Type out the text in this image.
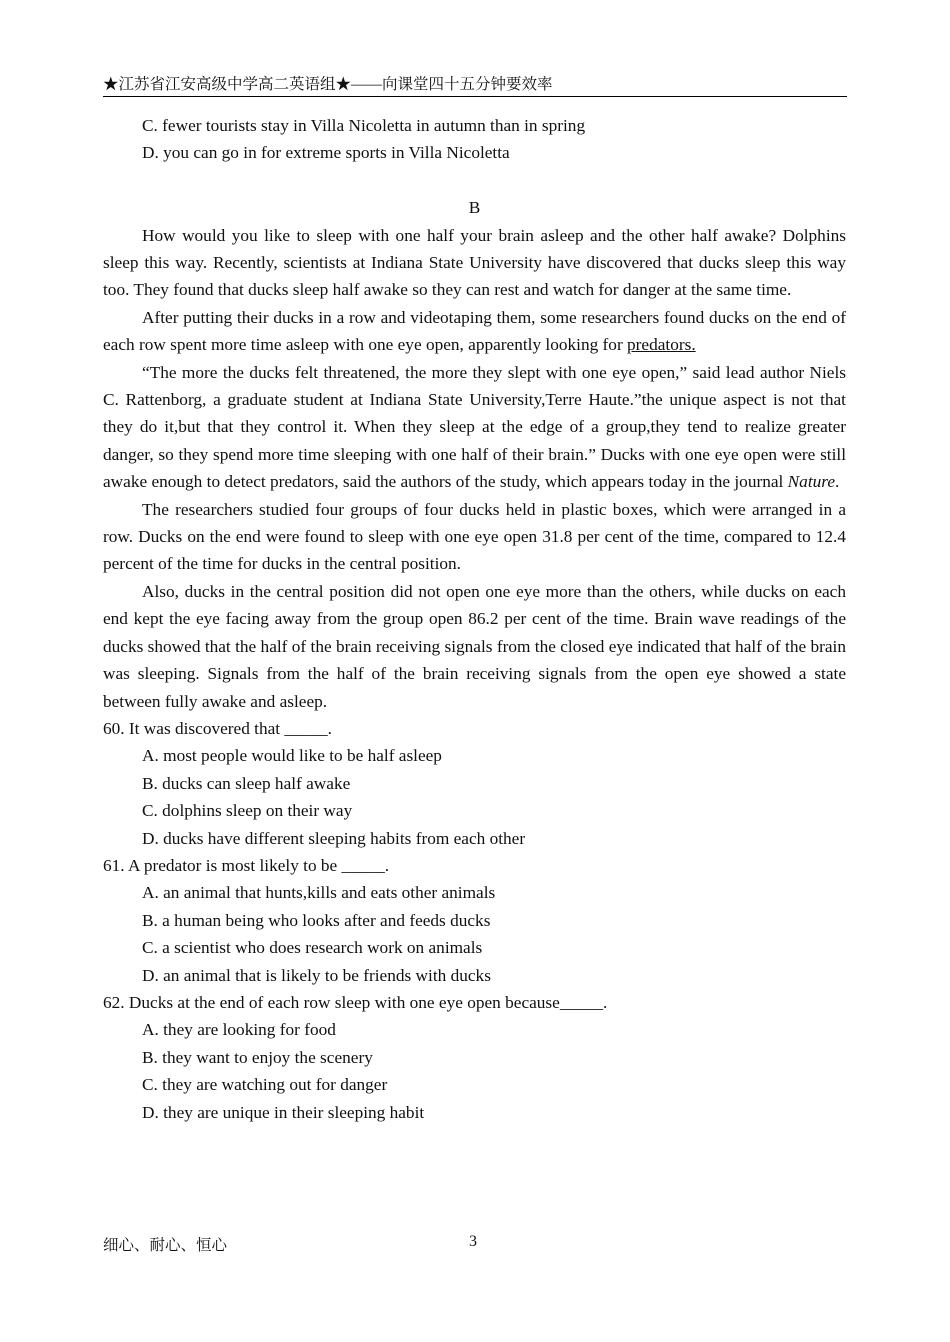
★江苏省江安高级中学高二英语组★——向课堂四十五分钟要效率
C. fewer tourists stay in Villa Nicoletta in autumn than in spring
D. you can go in for extreme sports in Villa Nicoletta
B

How would you like to sleep with one half your brain asleep and the other half awake? Dolphins sleep this way. Recently, scientists at Indiana State University have discovered that ducks sleep this way too. They found that ducks sleep half awake so they can rest and watch for danger at the same time.

After putting their ducks in a row and videotaping them, some researchers found ducks on the end of each row spent more time asleep with one eye open, apparently looking for predators.

“The more the ducks felt threatened, the more they slept with one eye open,” said lead author Niels C. Rattenborg, a graduate student at Indiana State University,Terre Haute.”the unique aspect is not that they do it,but that they control it. When they sleep at the edge of a group,they tend to realize greater danger, so they spend more time sleeping with one half of their brain.” Ducks with one eye open were still awake enough to detect predators, said the authors of the study, which appears today in the journal Nature.

The researchers studied four groups of four ducks held in plastic boxes, which were arranged in a row. Ducks on the end were found to sleep with one eye open 31.8 per cent of the time, compared to 12.4 percent of the time for ducks in the central position.

Also, ducks in the central position did not open one eye more than the others, while ducks on each end kept the eye facing away from the group open 86.2 per cent of the time. Brain wave readings of the ducks showed that the half of the brain receiving signals from the closed eye indicated that half of the brain was sleeping. Signals from the half of the brain receiving signals from the open eye showed a state between fully awake and asleep.

60. It was discovered that _____.
A. most people would like to be half asleep
B. ducks can sleep half awake
C. dolphins sleep on their way
D. ducks have different sleeping habits from each other
61. A predator is most likely to be _____.
A. an animal that hunts,kills and eats other animals
B. a human being who looks after and feeds ducks
C. a scientist who does research work on animals
D. an animal that is likely to be friends with ducks
62. Ducks at the end of each row sleep with one eye open because_____.
A. they are looking for food
B. they want to enjoy the scenery
C. they are watching out for danger
D. they are unique in their sleeping habit
细心、耐心、恒心	3
